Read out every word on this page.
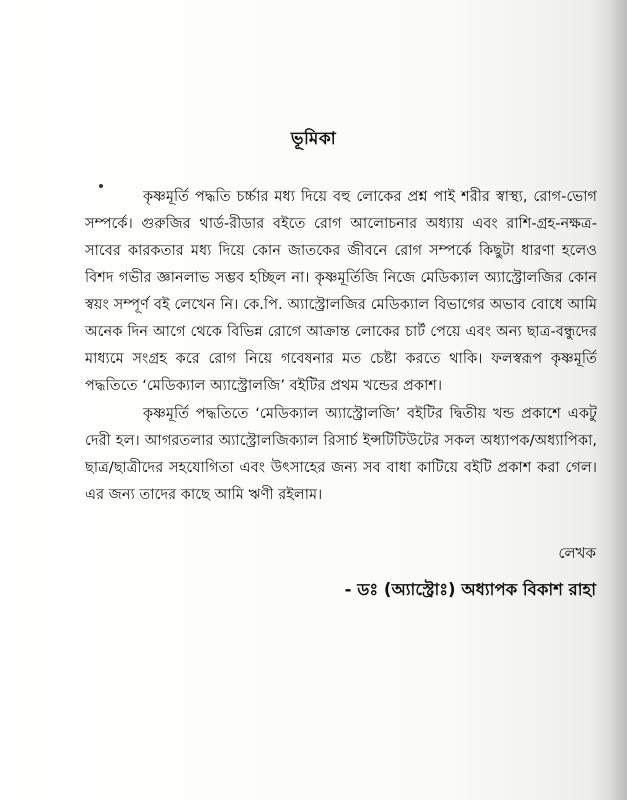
ভূমিকা
কৃষ্ণমূর্তি পদ্ধতি চর্চ্চার মধ্য দিয়ে বহু লোকের প্রশ্ন পাই শরীর স্বাস্থ্য, রোগ-ভোগ সম্পর্কে। গুরুজির থার্ড-রীডার বইতে রোগ আলোচনার অধ্যায় এবং রাশি-গ্রহ-নক্ষত্র-সাবের কারকতার মধ্য দিয়ে কোন জাতকের জীবনে রোগ সম্পর্কে কিছুটা ধারণা হলেও বিশদ গভীর জ্ঞানলাভ সম্ভব হচ্ছিল না। কৃষ্ণমূর্তিজি নিজে মেডিক্যাল অ্যাস্ট্রোলজির কোন স্বয়ং সম্পূর্ণ বই লেখেন নি। কে.পি. অ্যাস্ট্রোলজির মেডিক্যাল বিভাগের অভাব বোধে আমি অনেক দিন আগে থেকে বিভিন্ন রোগে আক্রান্ত লোকের চার্ট পেয়ে এবং অন্য ছাত্র-বন্ধুদের মাধ্যমে সংগ্রহ করে রোগ নিয়ে গবেষনার মত চেষ্টা করতে থাকি। ফলস্বরূপ কৃষ্ণমূর্তি পদ্ধতিতে ‘মেডিক্যাল অ্যাস্ট্রোলজি’ বইটির প্রথম খন্ডের প্রকাশ।
কৃষ্ণমূর্তি পদ্ধতিতে ‘মেডিক্যাল অ্যাস্ট্রোলজি’ বইটির দ্বিতীয় খন্ড প্রকাশে একটু দেরী হল। আগরতলার অ্যাস্ট্রোলজিক্যাল রিসার্চ ইন্সটিটিউটের সকল অধ্যাপক/অধ্যাপিকা, ছাত্র/ছাত্রীদের সহযোগিতা এবং উৎসাহের জন্য সব বাধা কাটিয়ে বইটি প্রকাশ করা গেল। এর জন্য তাদের কাছে আমি ঋণী রইলাম।
লেখক
- ডঃ (অ্যাস্ট্রোঃ) অধ্যাপক বিকাশ রাহা
